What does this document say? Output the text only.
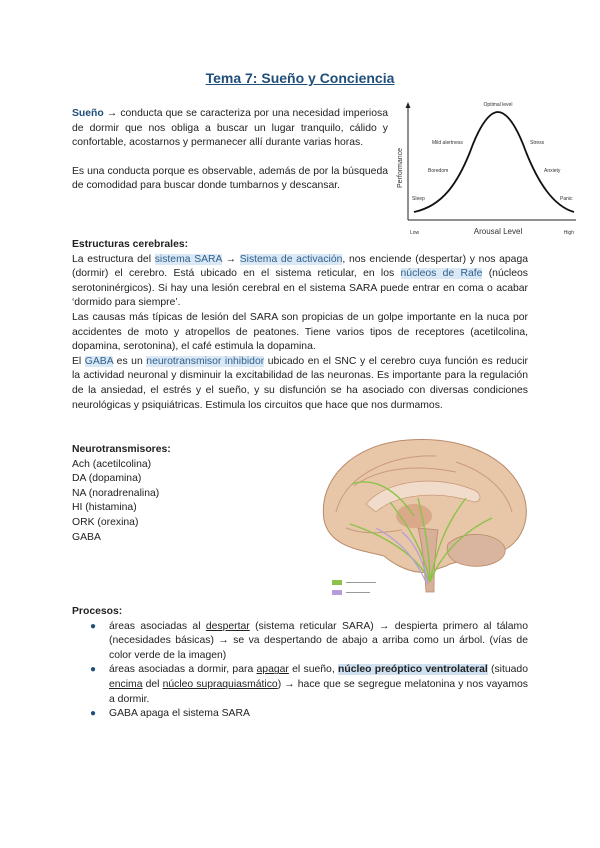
Tema 7: Sueño y Conciencia

Sueño → conducta que se caracteriza por una necesidad imperiosa de dormir que nos obliga a buscar un lugar tranquilo, cálido y confortable, acostarnos y permanecer allí durante varias horas.

Es una conducta porque es observable, además de por la búsqueda de comodidad para buscar donde tumbarnos y descansar.	Performance
Optimal level
Mild alertness
Boredom
Sleep
Stress
Anxiety
Panic
Low	Arousal Level	High

Estructuras cerebrales:

La estructura del sistema SARA → Sistema de activación, nos enciende (despertar) y nos apaga (dormir) el cerebro. Está ubicado en el sistema reticular, en los núcleos de Rafe (núcleos serotoninérgicos). Si hay una lesión cerebral en el sistema SARA puede entrar en coma o acabar ‘dormido para siempre’.

Las causas más típicas de lesión del SARA son propicias de un golpe importante en la nuca por accidentes de moto y atropellos de peatones. Tiene varios tipos de receptores (acetilcolina, dopamina, serotonina), el café estimula la dopamina.

El GABA es un neurotransmisor inhibidor ubicado en el SNC y el cerebro cuya función es reducir la actividad neuronal y disminuir la excitabilidad de las neuronas. Es importante para la regulación de la ansiedad, el estrés y el sueño, y su disfunción se ha asociado con diversas condiciones neurológicas y psiquiátricas. Estimula los circuitos que hace que nos durmamos.

Neurotransmisores:

Ach (acetilcolina)

DA (dopamina)

NA (noradrenalina)

HI (histamina)

ORK (orexina)

GABA

Procesos:

● áreas asociadas al despertar (sistema reticular SARA) → despierta primero al tálamo (necesidades básicas) → se va despertando de abajo a arriba como un árbol. (vías de color verde de la imagen)
● áreas asociadas a dormir, para apagar el sueño, núcleo preóptico ventrolateral (situado encima del núcleo supraquiasmático) → hace que se segregue melatonina y nos vayamos a dormir.
● GABA apaga el sistema SARA
